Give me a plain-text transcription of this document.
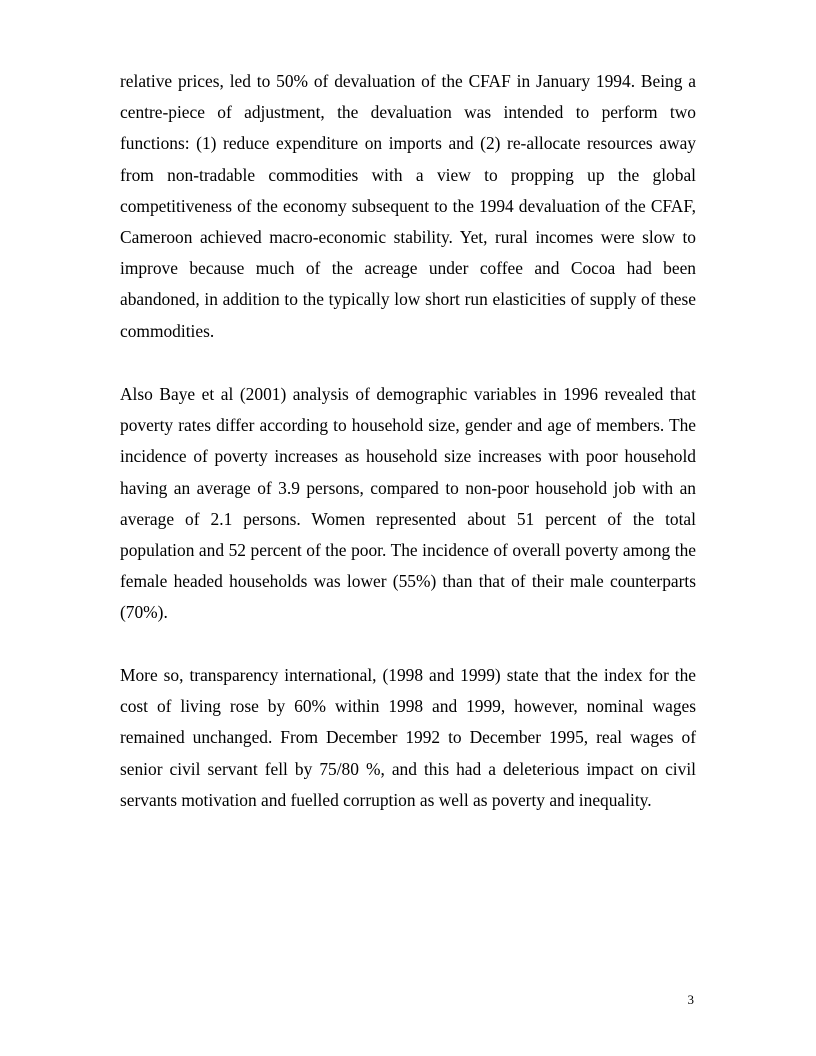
relative prices, led to 50% of devaluation of the CFAF in January 1994. Being a centre-piece of adjustment, the devaluation was intended to perform two functions: (1) reduce expenditure on imports and (2) re-allocate resources away from non-tradable commodities with a view to propping up the global competitiveness of the economy subsequent to the 1994 devaluation of the CFAF, Cameroon achieved macro-economic stability. Yet, rural incomes were slow to improve because much of the acreage under coffee and Cocoa had been abandoned, in addition to the typically low short run elasticities of supply of these commodities.

Also Baye et al (2001) analysis of demographic variables in 1996 revealed that poverty rates differ according to household size, gender and age of members. The incidence of poverty increases as household size increases with poor household having an average of 3.9 persons, compared to non-poor household job with an average of 2.1 persons. Women represented about 51 percent of the total population and 52 percent of the poor. The incidence of overall poverty among the female headed households was lower (55%) than that of their male counterparts (70%).

More so, transparency international, (1998 and 1999) state that the index for the cost of living rose by 60% within 1998 and 1999, however, nominal wages remained unchanged. From December 1992 to December 1995, real wages of senior civil servant fell by 75/80 %, and this had a deleterious impact on civil servants motivation and fuelled corruption as well as poverty and inequality.

3
